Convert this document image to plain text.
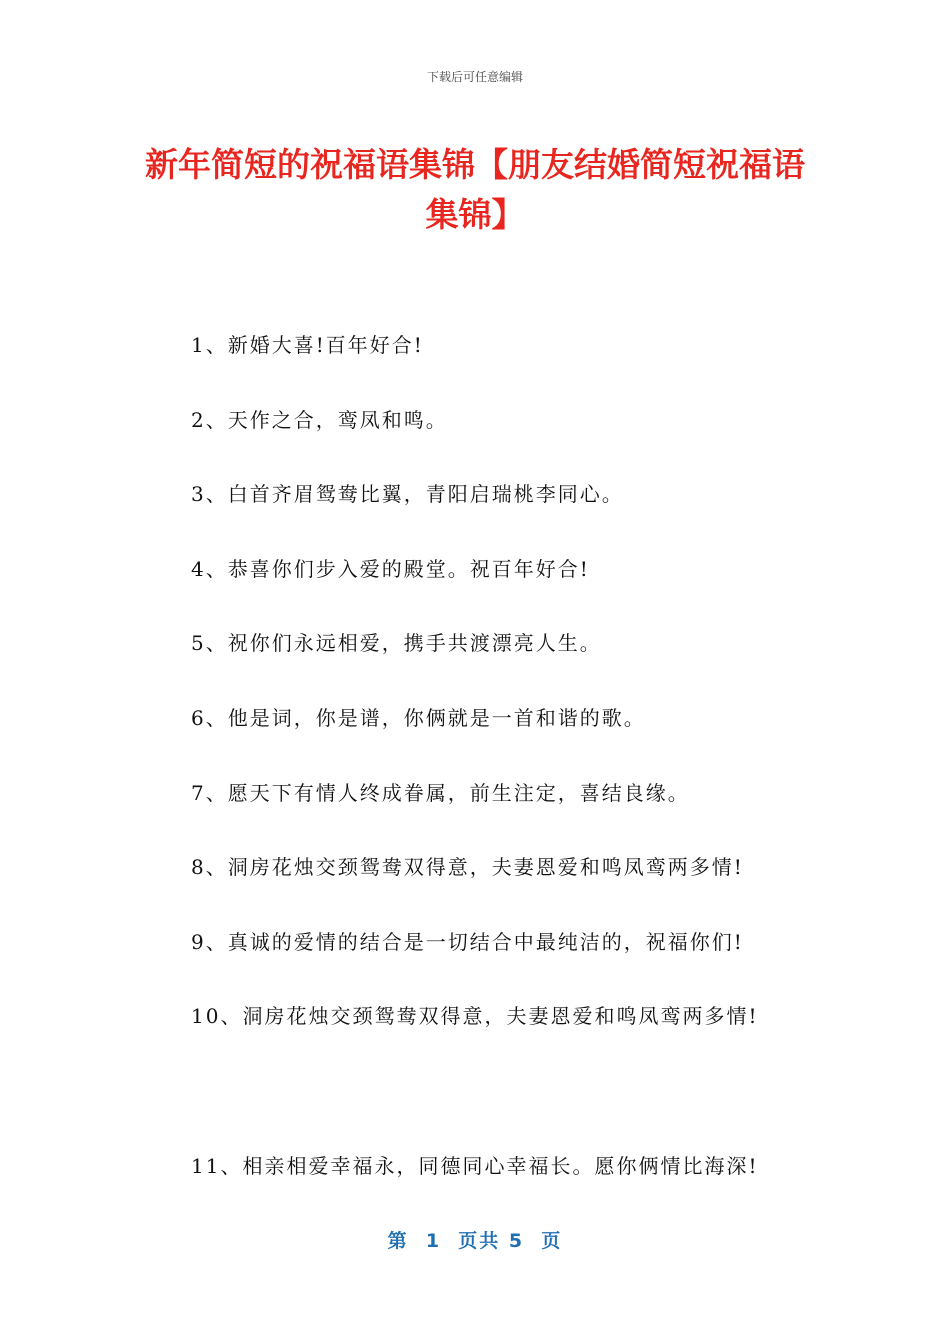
下载后可任意编辑
新年简短的祝福语集锦【朋友结婚简短祝福语集锦】
1、新婚大喜!百年好合!
2、天作之合，鸾凤和鸣。
3、白首齐眉鸳鸯比翼，青阳启瑞桃李同心。
4、恭喜你们步入爱的殿堂。祝百年好合!
5、祝你们永远相爱，携手共渡漂亮人生。
6、他是词，你是谱，你俩就是一首和谐的歌。
7、愿天下有情人终成眷属，前生注定，喜结良缘。
8、洞房花烛交颈鸳鸯双得意，夫妻恩爱和鸣凤鸾两多情!
9、真诚的爱情的结合是一切结合中最纯洁的，祝福你们!
10、洞房花烛交颈鸳鸯双得意，夫妻恩爱和鸣凤鸾两多情!
11、相亲相爱幸福永，同德同心幸福长。愿你俩情比海深!
第  1  页共 5  页
